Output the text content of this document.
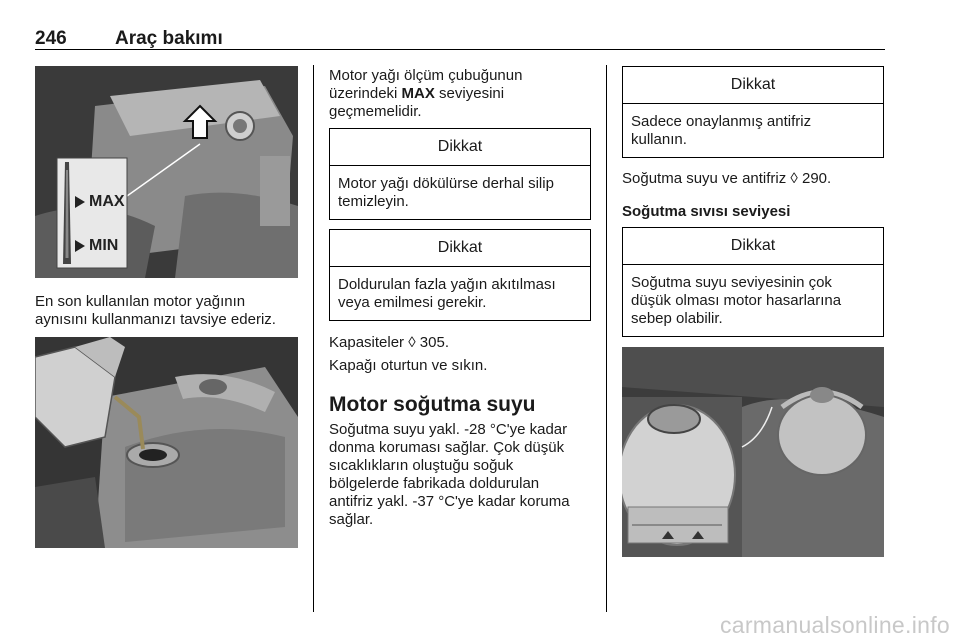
246	Araç bakımı
MAX
MIN
En son kullanılan motor yağının
aynısını kullanmanızı tavsiye ederiz.
Motor yağı ölçüm çubuğunun
üzerindeki MAX seviyesini
geçmemelidir.
Dikkat
Motor yağı dökülürse derhal silip
temizleyin.
Dikkat
Doldurulan fazla yağın akıtılması
veya emilmesi gerekir.
Kapasiteler ◊ 305.
Kapağı oturtun ve sıkın.
Motor soğutma suyu
Soğutma suyu yakl. -28 °C'ye kadar
donma koruması sağlar. Çok düşük
sıcaklıkların oluştuğu soğuk
bölgelerde fabrikada doldurulan
antifriz yakl. -37 °C'ye kadar koruma
sağlar.
Dikkat
Sadece onaylanmış antifriz
kullanın.
Soğutma suyu ve antifriz ◊ 290.
Soğutma sıvısı seviyesi
Dikkat
Soğutma suyu seviyesinin çok
düşük olması motor hasarlarına
sebep olabilir.
carmanualsonline.info
